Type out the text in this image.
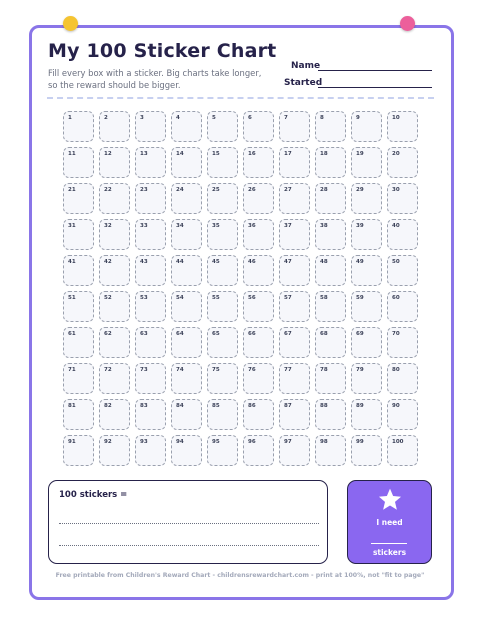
My 100 Sticker Chart

Fill every box with a sticker. Big charts take longer, so the reward should be bigger.

Name
Started
1	2	3	4	5	6	7	8	9	10
11	12	13	14	15	16	17	18	19	20
21	22	23	24	25	26	27	28	29	30
31	32	33	34	35	36	37	38	39	40
41	42	43	44	45	46	47	48	49	50
51	52	53	54	55	56	57	58	59	60
61	62	63	64	65	66	67	68	69	70
71	72	73	74	75	76	77	78	79	80
81	82	83	84	85	86	87	88	89	90
91	92	93	94	95	96	97	98	99	100
100 stickers =
I need
stickers
Free printable from Children's Reward Chart - childrensrewardchart.com - print at 100%, not "fit to page"
